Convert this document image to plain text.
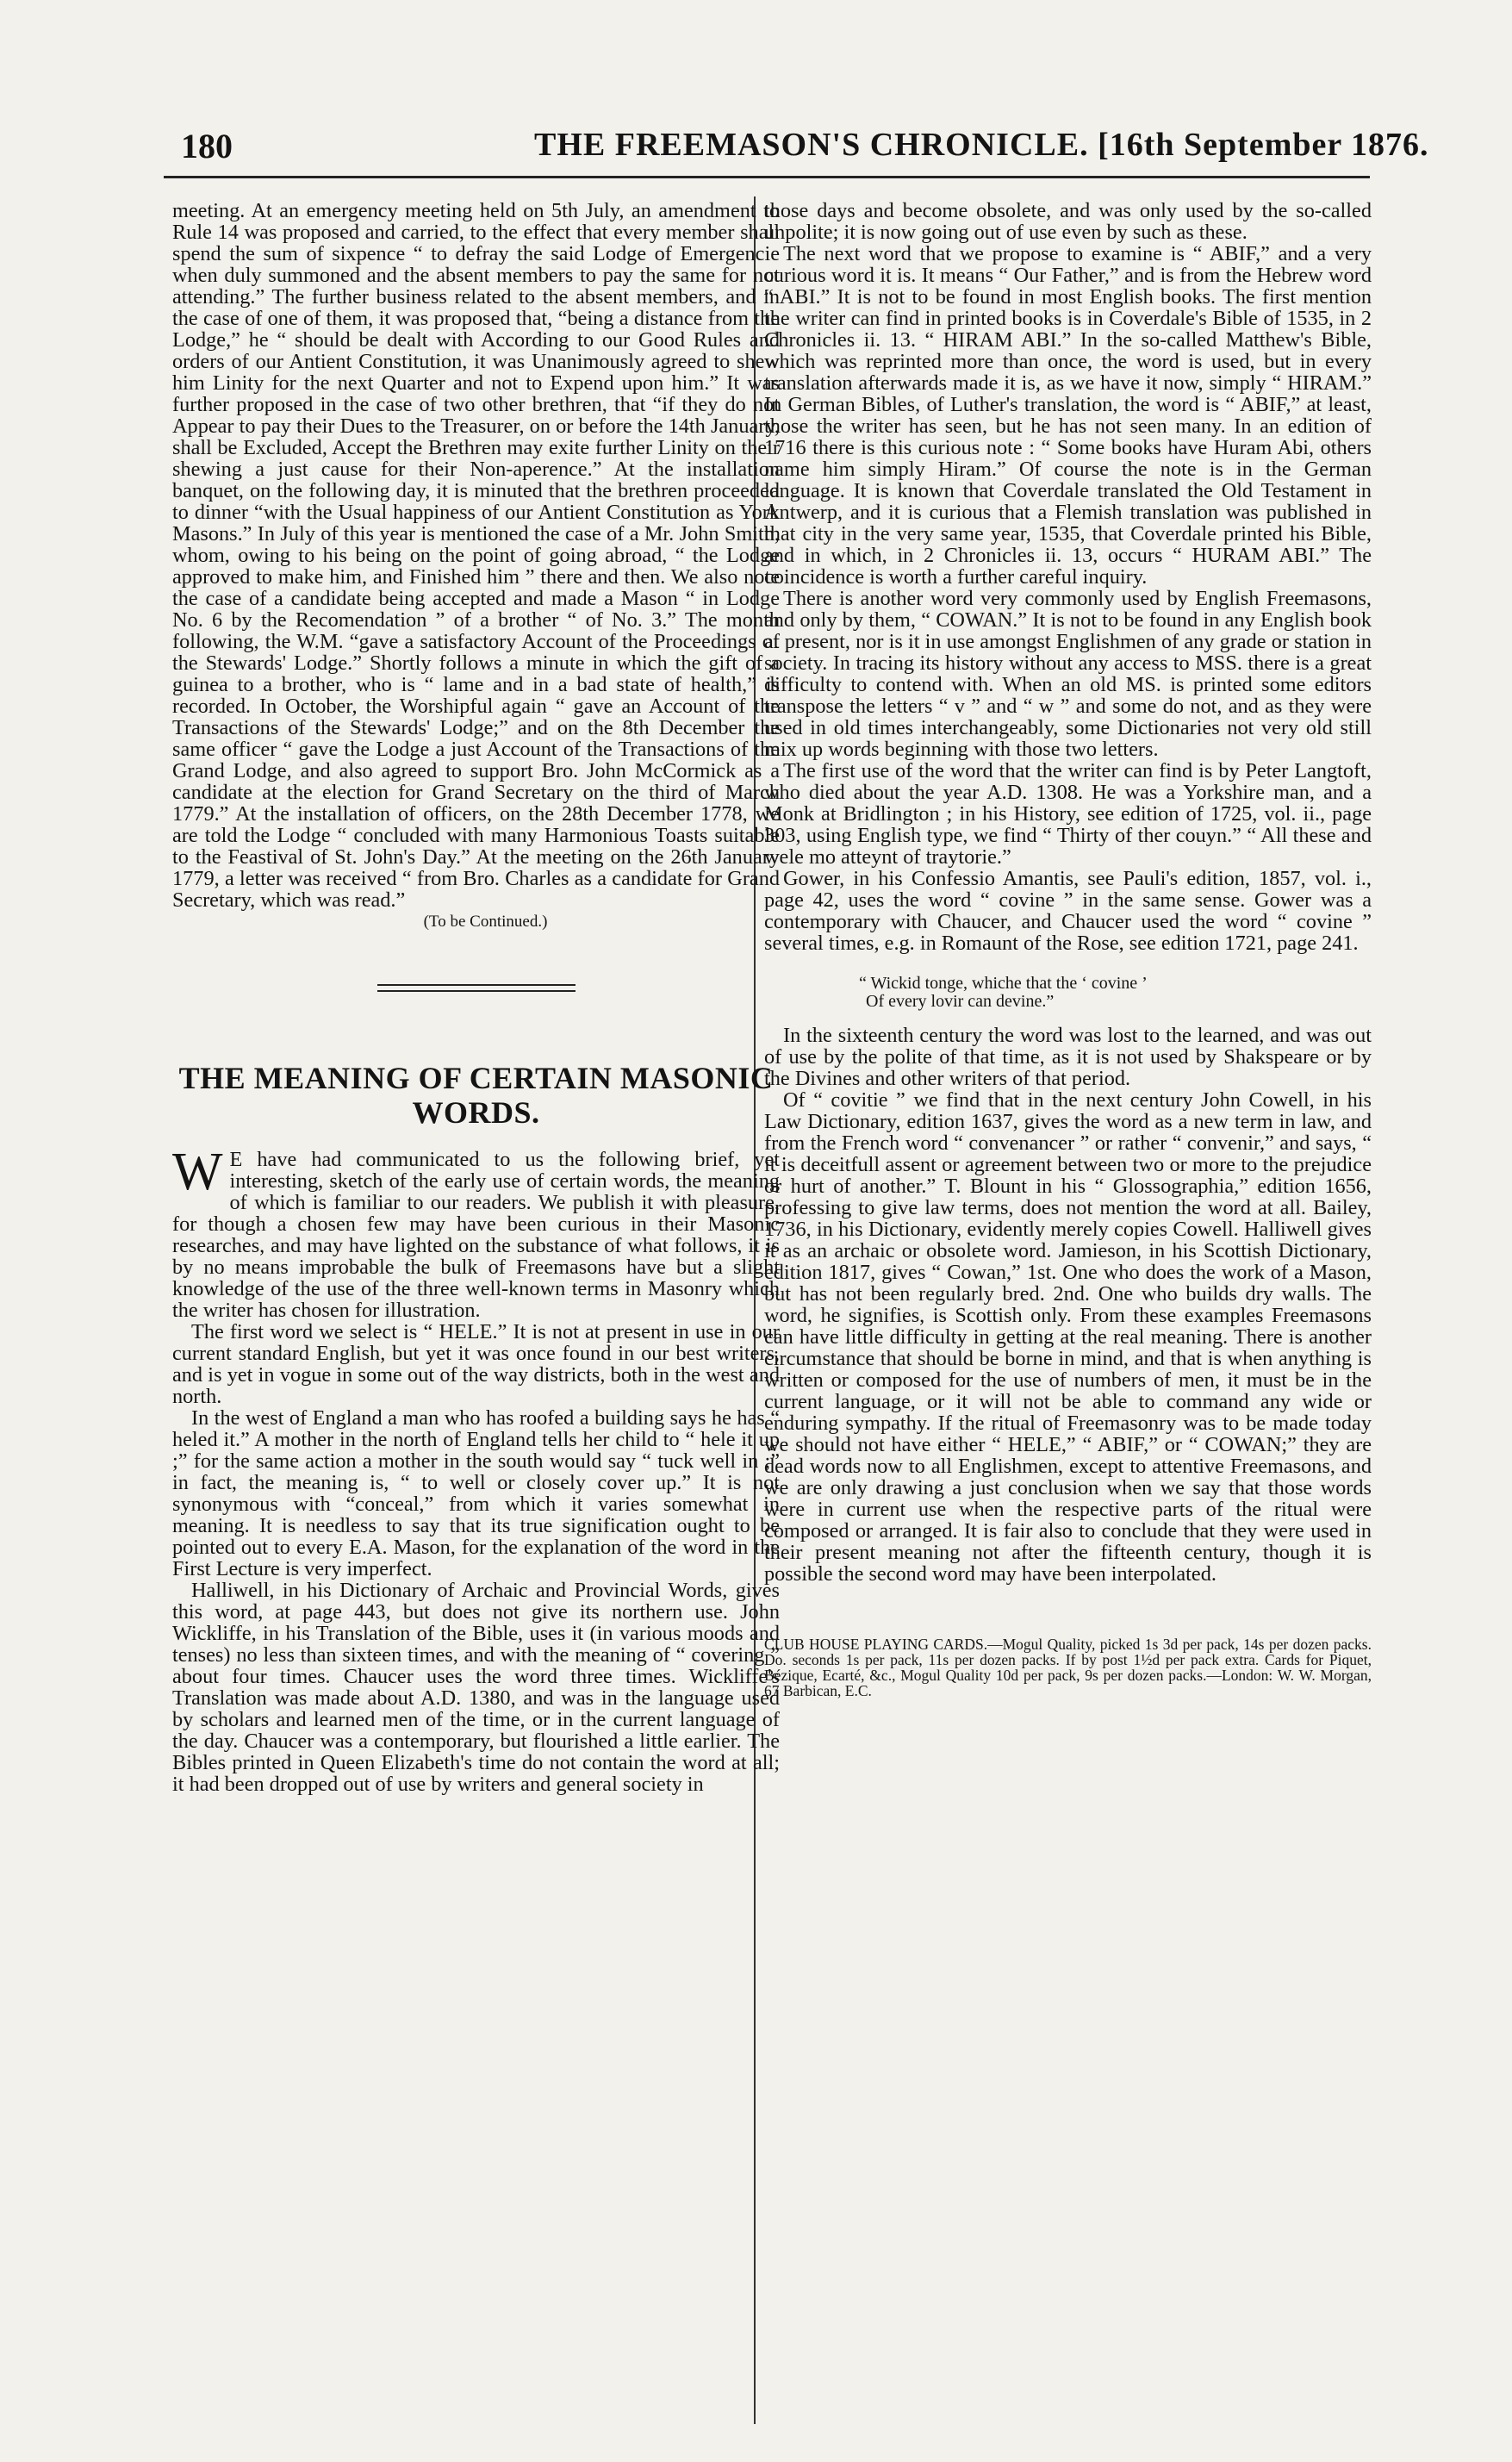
180	THE FREEMASON'S CHRONICLE. [16th September 1876.

meeting. At an emergency meeting held on 5th July, an amendment to Rule 14 was proposed and carried, to the effect that every member shall spend the sum of sixpence “ to defray the said Lodge of Emergencie when duly summoned and the absent members to pay the same for not attending.” The further business related to the absent members, and in the case of one of them, it was proposed that, “being a distance from the Lodge,” he “ should be dealt with According to our Good Rules and orders of our Antient Constitution, it was Unanimously agreed to shew him Linity for the next Quarter and not to Expend upon him.” It was further proposed in the case of two other brethren, that “if they do not Appear to pay their Dues to the Treasurer, on or before the 14th January, shall be Excluded, Accept the Brethren may exite further Linity on their shewing a just cause for their Non-aperence.” At the installation banquet, on the following day, it is minuted that the brethren proceeded to dinner “with the Usual happiness of our Antient Constitution as York Masons.” In July of this year is mentioned the case of a Mr. John Smith, whom, owing to his being on the point of going abroad, “ the Lodge approved to make him, and Finished him ” there and then. We also note the case of a candidate being accepted and made a Mason “ in Lodge No. 6 by the Recomendation ” of a brother “ of No. 3.” The month following, the W.M. “gave a satisfactory Account of the Proceedings of the Stewards' Lodge.” Shortly follows a minute in which the gift of a guinea to a brother, who is “ lame and in a bad state of health,” is recorded. In October, the Worshipful again “ gave an Account of the Transactions of the Stewards' Lodge;” and on the 8th December the same officer “ gave the Lodge a just Account of the Transactions of the Grand Lodge, and also agreed to support Bro. John McCormick as a candidate at the election for Grand Secretary on the third of March 1779.” At the installation of officers, on the 28th December 1778, we are told the Lodge “ concluded with many Harmonious Toasts suitable to the Feastival of St. John's Day.” At the meeting on the 26th January 1779, a letter was received “ from Bro. Charles as a candidate for Grand Secretary, which was read.”

(To be Continued.)

THE MEANING OF CERTAIN MASONIC WORDS.

W E have had communicated to us the following brief, yet interesting, sketch of the early use of certain words, the meaning of which is familiar to our readers. We publish it with pleasure, for though a chosen few may have been curious in their Masonic researches, and may have lighted on the substance of what follows, it is by no means improbable the bulk of Freemasons have but a slight knowledge of the use of the three well-known terms in Masonry which the writer has chosen for illustration.

The first word we select is “ HELE.” It is not at present in use in our current standard English, but yet it was once found in our best writers, and is yet in vogue in some out of the way districts, both in the west and north.

In the west of England a man who has roofed a building says he has “ heled it.” A mother in the north of England tells her child to “ hele it up ;” for the same action a mother in the south would say “ tuck well in ;” in fact, the meaning is, “ to well or closely cover up.” It is not synonymous with “conceal,” from which it varies somewhat in meaning. It is needless to say that its true signification ought to be pointed out to every E.A. Mason, for the explanation of the word in the First Lecture is very imperfect.

Halliwell, in his Dictionary of Archaic and Provincial Words, gives this word, at page 443, but does not give its northern use. John Wickliffe, in his Translation of the Bible, uses it (in various moods and tenses) no less than sixteen times, and with the meaning of “ covering ” about four times. Chaucer uses the word three times. Wickliffe's Translation was made about A.D. 1380, and was in the language used by scholars and learned men of the time, or in the current language of the day. Chaucer was a contemporary, but flourished a little earlier. The Bibles printed in Queen Elizabeth's time do not contain the word at all; it had been dropped out of use by writers and general society in

those days and become obsolete, and was only used by the so-called unpolite; it is now going out of use even by such as these.

The next word that we propose to examine is “ ABIF,” and a very curious word it is. It means “ Our Father,” and is from the Hebrew word “ ABI.” It is not to be found in most English books. The first mention the writer can find in printed books is in Coverdale's Bible of 1535, in 2 Chronicles ii. 13. “ HIRAM ABI.” In the so-called Matthew's Bible, which was reprinted more than once, the word is used, but in every translation afterwards made it is, as we have it now, simply “ HIRAM.” In German Bibles, of Luther's translation, the word is “ ABIF,” at least, those the writer has seen, but he has not seen many. In an edition of 1716 there is this curious note : “ Some books have Huram Abi, others name him simply Hiram.” Of course the note is in the German language. It is known that Coverdale translated the Old Testament in Antwerp, and it is curious that a Flemish translation was published in that city in the very same year, 1535, that Coverdale printed his Bible, and in which, in 2 Chronicles ii. 13, occurs “ HURAM ABI.” The coincidence is worth a further careful inquiry.

There is another word very commonly used by English Freemasons, and only by them, “ COWAN.” It is not to be found in any English book at present, nor is it in use amongst Englishmen of any grade or station in society. In tracing its history without any access to MSS. there is a great difficulty to contend with. When an old MS. is printed some editors transpose the letters “ v ” and “ w ” and some do not, and as they were used in old times interchangeably, some Dictionaries not very old still mix up words beginning with those two letters.

The first use of the word that the writer can find is by Peter Langtoft, who died about the year A.D. 1308. He was a Yorkshire man, and a Monk at Bridlington ; in his History, see edition of 1725, vol. ii., page 303, using English type, we find “ Thirty of ther couyn.” “ All these and wele mo atteynt of traytorie.”

Gower, in his Confessio Amantis, see Pauli's edition, 1857, vol. i., page 42, uses the word “ covine ” in the same sense. Gower was a contemporary with Chaucer, and Chaucer used the word “ covine ” several times, e.g. in Romaunt of the Rose, see edition 1721, page 241.

“ Wickid tonge, whiche that the ‘ covine ’
Of every lovir can devine.”

In the sixteenth century the word was lost to the learned, and was out of use by the polite of that time, as it is not used by Shakspeare or by the Divines and other writers of that period.

Of “ covitie ” we find that in the next century John Cowell, in his Law Dictionary, edition 1637, gives the word as a new term in law, and from the French word “ convenancer ” or rather “ convenir,” and says, “ it is deceitfull assent or agreement between two or more to the prejudice or hurt of another.” T. Blount in his “ Glossographia,” edition 1656, professing to give law terms, does not mention the word at all. Bailey, 1736, in his Dictionary, evidently merely copies Cowell. Halliwell gives it as an archaic or obsolete word. Jamieson, in his Scottish Dictionary, edition 1817, gives “ Cowan,” 1st. One who does the work of a Mason, but has not been regularly bred. 2nd. One who builds dry walls. The word, he signifies, is Scottish only. From these examples Freemasons can have little difficulty in getting at the real meaning. There is another circumstance that should be borne in mind, and that is when anything is written or composed for the use of numbers of men, it must be in the current language, or it will not be able to command any wide or enduring sympathy. If the ritual of Freemasonry was to be made today we should not have either “ HELE,” “ ABIF,” or “ COWAN;” they are dead words now to all Englishmen, except to attentive Freemasons, and we are only drawing a just conclusion when we say that those words were in current use when the respective parts of the ritual were composed or arranged. It is fair also to conclude that they were used in their present meaning not after the fifteenth century, though it is possible the second word may have been interpolated.

CLUB HOUSE PLAYING CARDS.—Mogul Quality, picked 1s 3d per pack, 14s per dozen packs. Do. seconds 1s per pack, 11s per dozen packs. If by post 1½d per pack extra. Cards for Piquet, Bézique, Ecarté, &c., Mogul Quality 10d per pack, 9s per dozen packs.—London: W. W. Morgan, 67 Barbican, E.C.
